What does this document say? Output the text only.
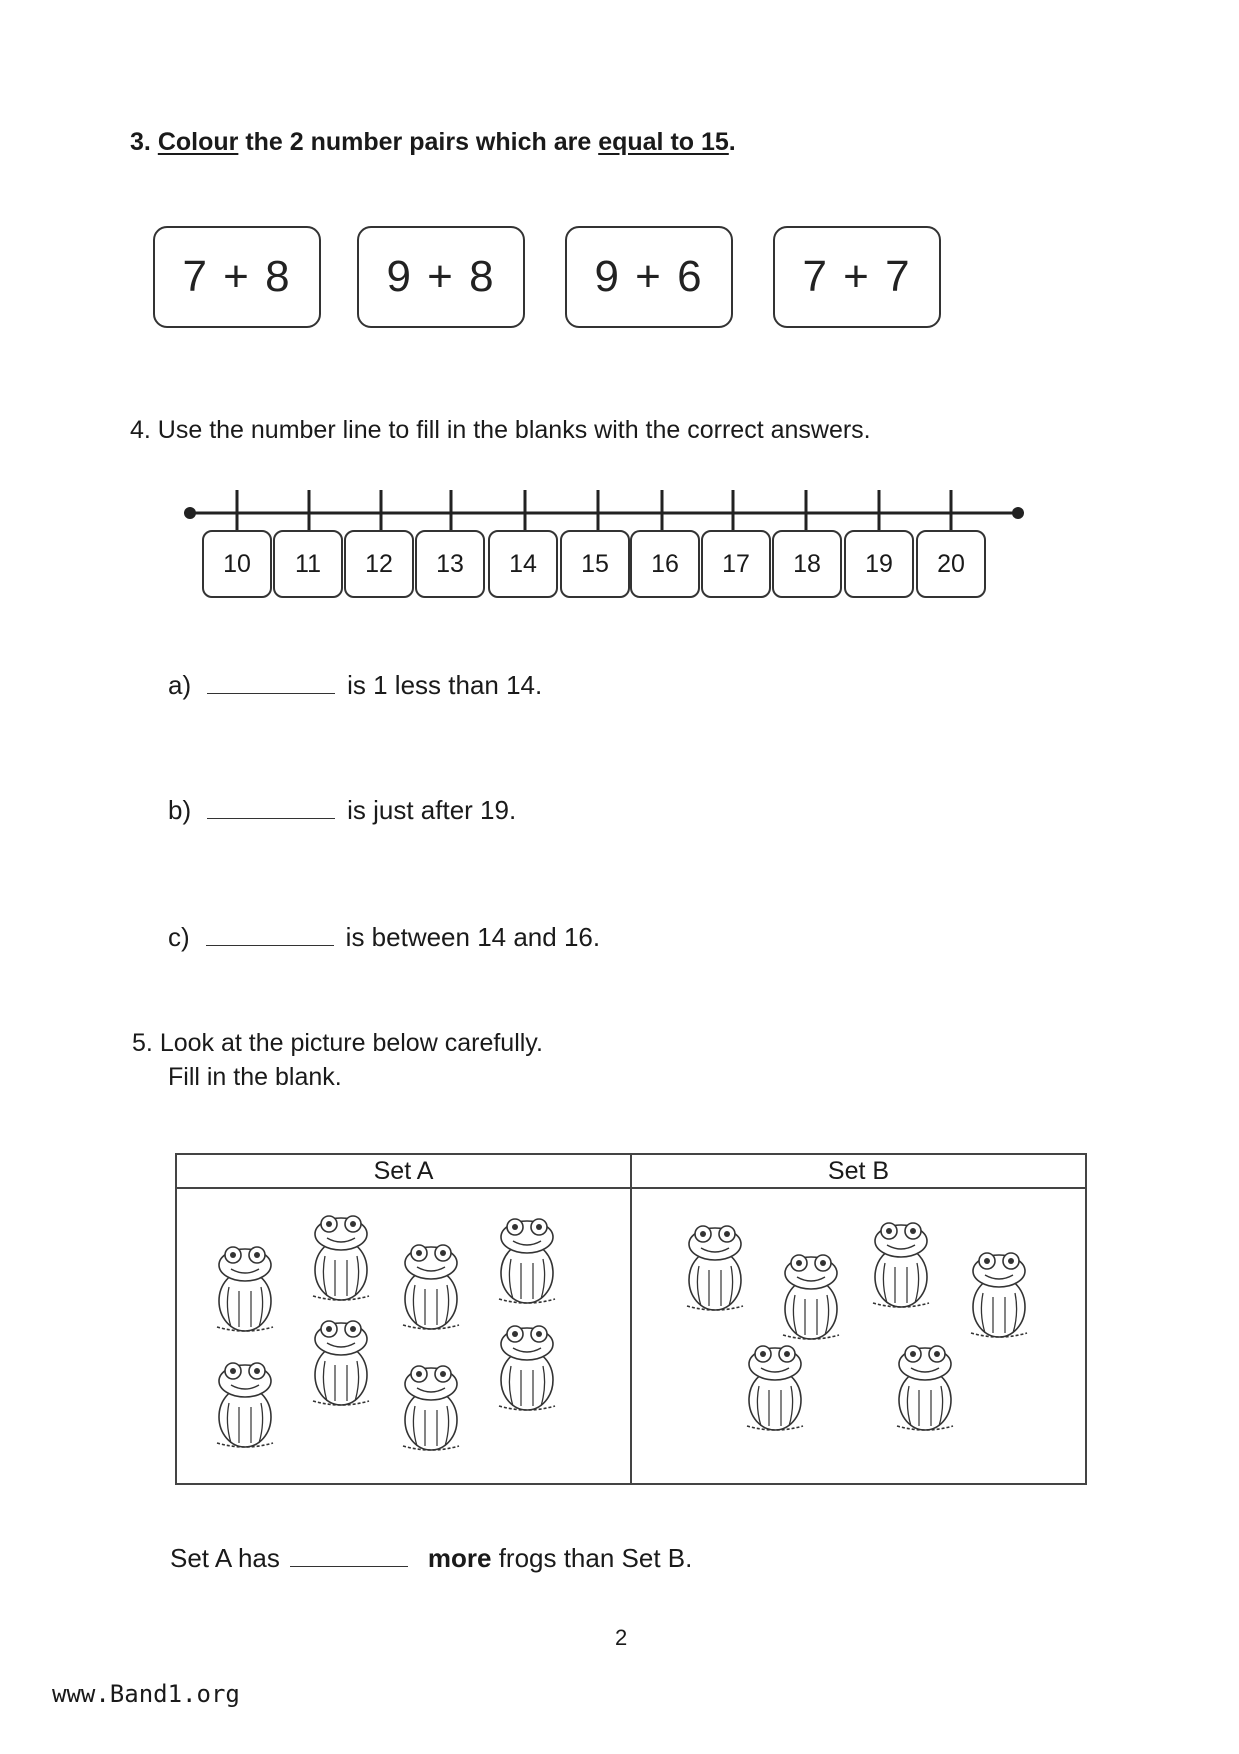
3. Colour the 2 number pairs which are equal to 15.
7 + 8	9 + 8	9 + 6	7 + 7
4. Use the number line to fill in the blanks with the correct answers.
10	11	12	13	14	15	16	17	18	19	20
a)	is 1 less than 14.
b)	is just after 19.
c)	is between 14 and 16.
5. Look at the picture below carefully.
Fill in the blank.
Set A	Set B
Set A has	more frogs than Set B.
2
www.Band1.org
